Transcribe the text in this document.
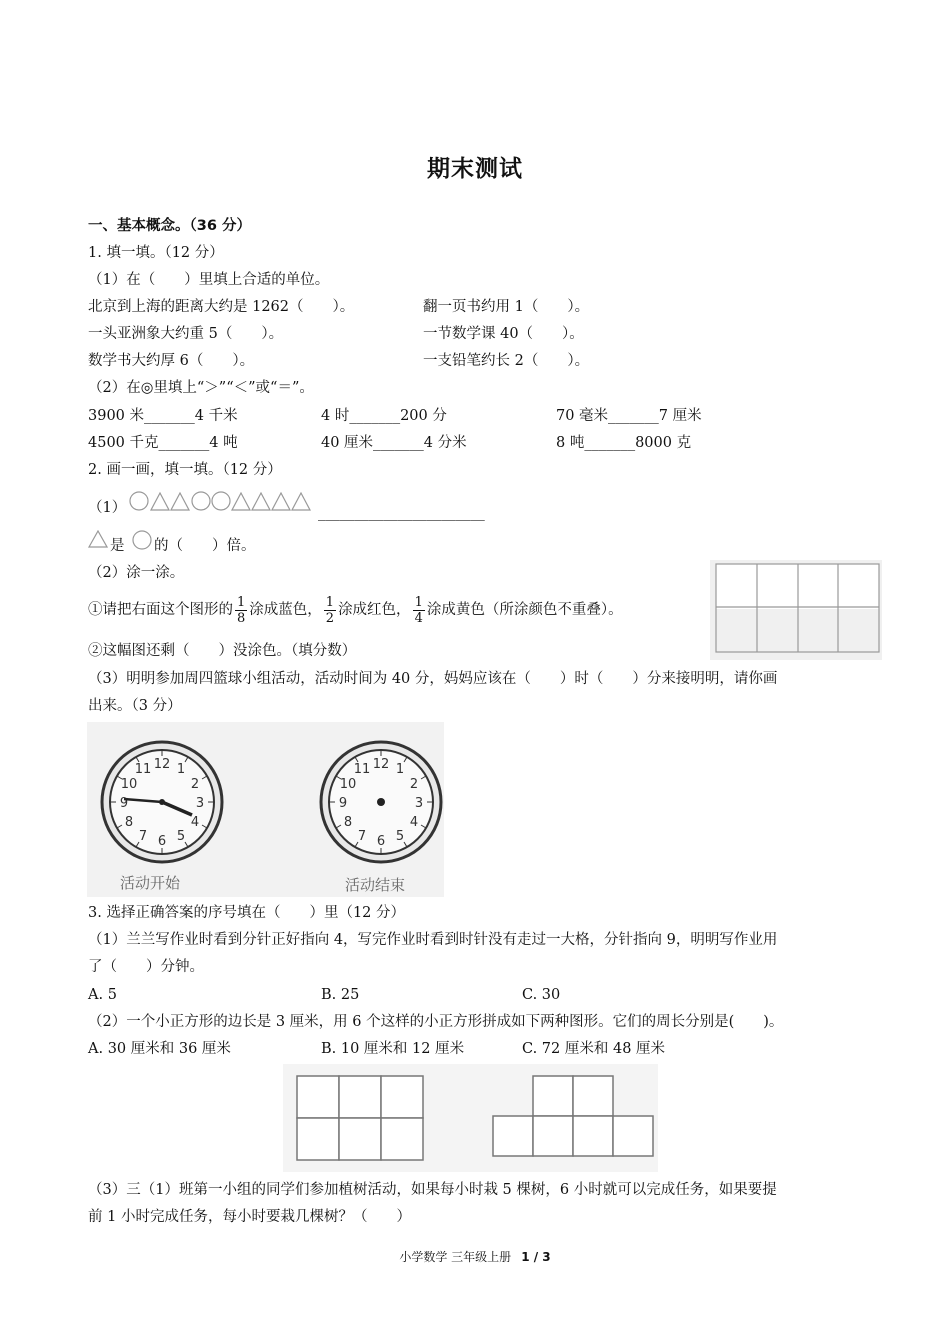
期末测试
一、基本概念。（36 分）
1. 填一填。（12 分）
（1）在（　　）里填上合适的单位。
北京到上海的距离大约是 1262（　　）。	翻一页书约用 1（　　）。
一头亚洲象大约重 5（　　）。	一节数学课 40（　　）。
数学书大约厚 6（　　）。	一支铅笔约长 2（　　）。
（2）在◎里填上“＞”“＜”或“＝”。
3900 米_______4 千米	4 时_______200 分	70 毫米_______7 厘米
4500 千克_______4 吨	40 厘米_______4 分米	8 吨_______8000 克
2. 画一画，填一填。（12 分）
（1）	_______________________
是 的（　　）倍。
（2）涂一涂。
①请把右面这个图形的 $\frac{1}{8}$ 涂成蓝色， $\frac{1}{2}$ 涂成红色， $\frac{1}{4}$ 涂成黄色（所涂颜色不重叠）。
②这幅图还剩（　　）没涂色。（填分数）
（3）明明参加周四篮球小组活动，活动时间为 40 分，妈妈应该在（　　）时（　　）分来接明明，请你画
出来。（3 分）
12 1
2
3
4
5
6
7
8
9
10
11	12 1
2
3
4
5
6
7
8
9
10
11
活动开始	活动结束
3. 选择正确答案的序号填在（　　）里（12 分）
（1）兰兰写作业时看到分针正好指向 4，写完作业时看到时针没有走过一大格，分针指向 9，明明写作业用
了（　　）分钟。
A. 5	B. 25	C. 30
（2）一个小正方形的边长是 3 厘米，用 6 个这样的小正方形拼成如下两种图形。它们的周长分别是(　　)。
A. 30 厘米和 36 厘米	B. 10 厘米和 12 厘米	C. 72 厘米和 48 厘米
（3）三（1）班第一小组的同学们参加植树活动，如果每小时栽 5 棵树，6 小时就可以完成任务，如果要提
前 1 小时完成任务，每小时要栽几棵树？（　　）
小学数学 三年级上册 1 / 3
